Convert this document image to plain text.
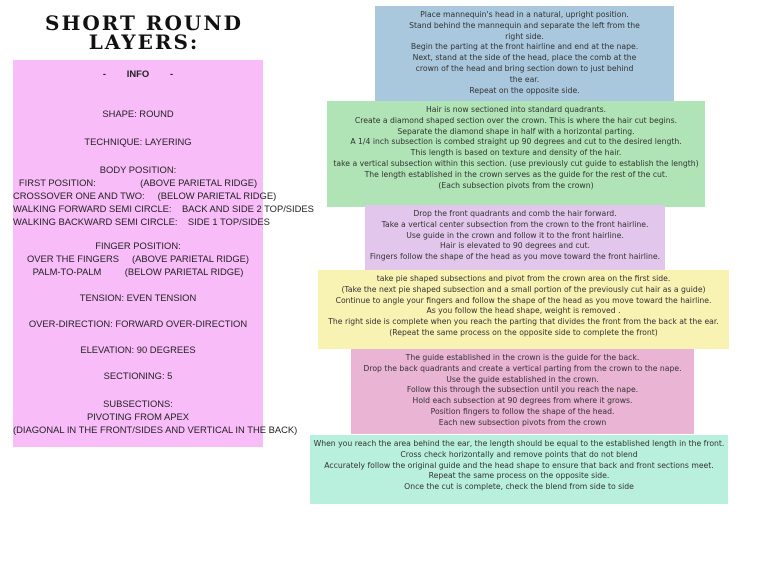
SHORT ROUND
LAYERS:
-        INFO        -
SHAPE: ROUND
TECHNIQUE: LAYERING
BODY POSITION:
FIRST POSITION:                 (ABOVE PARIETAL RIDGE)
CROSSOVER ONE AND TWO:     (BELOW PARIETAL RIDGE)
WALKING FORWARD SEMI CIRCLE:    BACK AND SIDE 2 TOP/SIDES
WALKING BACKWARD SEMI CIRCLE:    SIDE 1 TOP/SIDES
FINGER POSITION:
OVER THE FINGERS     (ABOVE PARIETAL RIDGE)
PALM-TO-PALM         (BELOW PARIETAL RIDGE)
TENSION: EVEN TENSION
OVER-DIRECTION: FORWARD OVER-DIRECTION
ELEVATION: 90 DEGREES
SECTIONING: 5
SUBSECTIONS:
PIVOTING FROM APEX
(DIAGONAL IN THE FRONT/SIDES AND VERTICAL IN THE BACK)
Place mannequin's head in a natural, upright position.
Stand behind the mannequin and separate the left from the
right side.
Begin the parting at the front hairline and end at the nape.
Next, stand at the side of the head, place the comb at the
crown of the head and bring section down to just behind
the ear.
Repeat on the opposite side.
Hair is now sectioned into standard quadrants.
Create a diamond shaped section over the crown. This is where the hair cut begins.
Separate the diamond shape in half with a horizontal parting.
A 1/4 inch subsection is combed straight up 90 degrees and cut to the desired length.
This length is based on texture and density of the hair.
take a vertical subsection within this section. (use previously cut guide to establish the length)
The length established in the crown serves as the guide for the rest of the cut.
(Each subsection pivots from the crown)
Drop the front quadrants and comb the hair forward.
Take a vertical center subsection from the crown to the front hairline.
Use guide in the crown and follow it to the front hairline.
Hair is elevated to 90 degrees and cut.
Fingers follow the shape of the head as you move toward the front hairline.
take pie shaped subsections and pivot from the crown area on the first side.
(Take the next pie shaped subsection and a small portion of the previously cut hair as a guide)
Continue to angle your fingers and follow the shape of the head as you move toward the hairline.
As you follow the head shape, weight is removed .
The right side is complete when you reach the parting that divides the front from the back at the ear.
(Repeat the same process on the opposite side to complete the front)
The guide established in the crown is the guide for the back.
Drop the back quadrants and create a vertical parting from the crown to the nape.
Use the guide established in the crown.
Follow this through the subsection until you reach the nape.
Hold each subsection at 90 degrees from where it grows.
Position fingers to follow the shape of the head.
Each new subsection pivots from the crown
When you reach the area behind the ear, the length should be equal to the established length in the front.
Cross check horizontally and remove points that do not blend
Accurately follow the original guide and the head shape to ensure that back and front sections meet.
Repeat the same process on the opposite side.
Once the cut is complete, check the blend from side to side
